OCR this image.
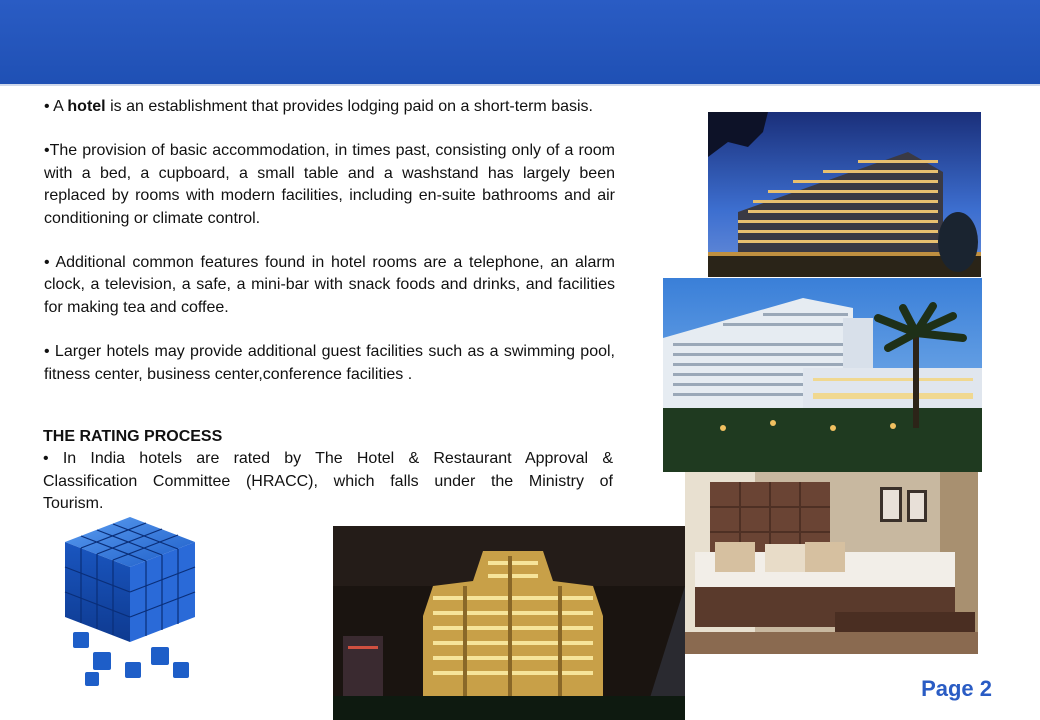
• A hotel is an establishment that provides lodging paid on a short-term basis.

•The provision of basic accommodation, in times past, consisting only of a room with a bed, a cupboard, a small table and a washstand has largely been replaced by rooms with modern facilities, including en-suite bathrooms and air conditioning or climate control.

• Additional common features found in hotel rooms are a telephone, an alarm clock, a television, a safe, a mini-bar with snack foods and drinks, and facilities for making tea and coffee.

• Larger hotels may provide additional guest facilities such as a swimming pool, fitness center, business center,conference facilities .

THE RATING PROCESS

• In India hotels are rated by The Hotel & Restaurant Approval &
Classification Committee (HRACC), which falls under the Ministry of
Tourism.

Page 2
